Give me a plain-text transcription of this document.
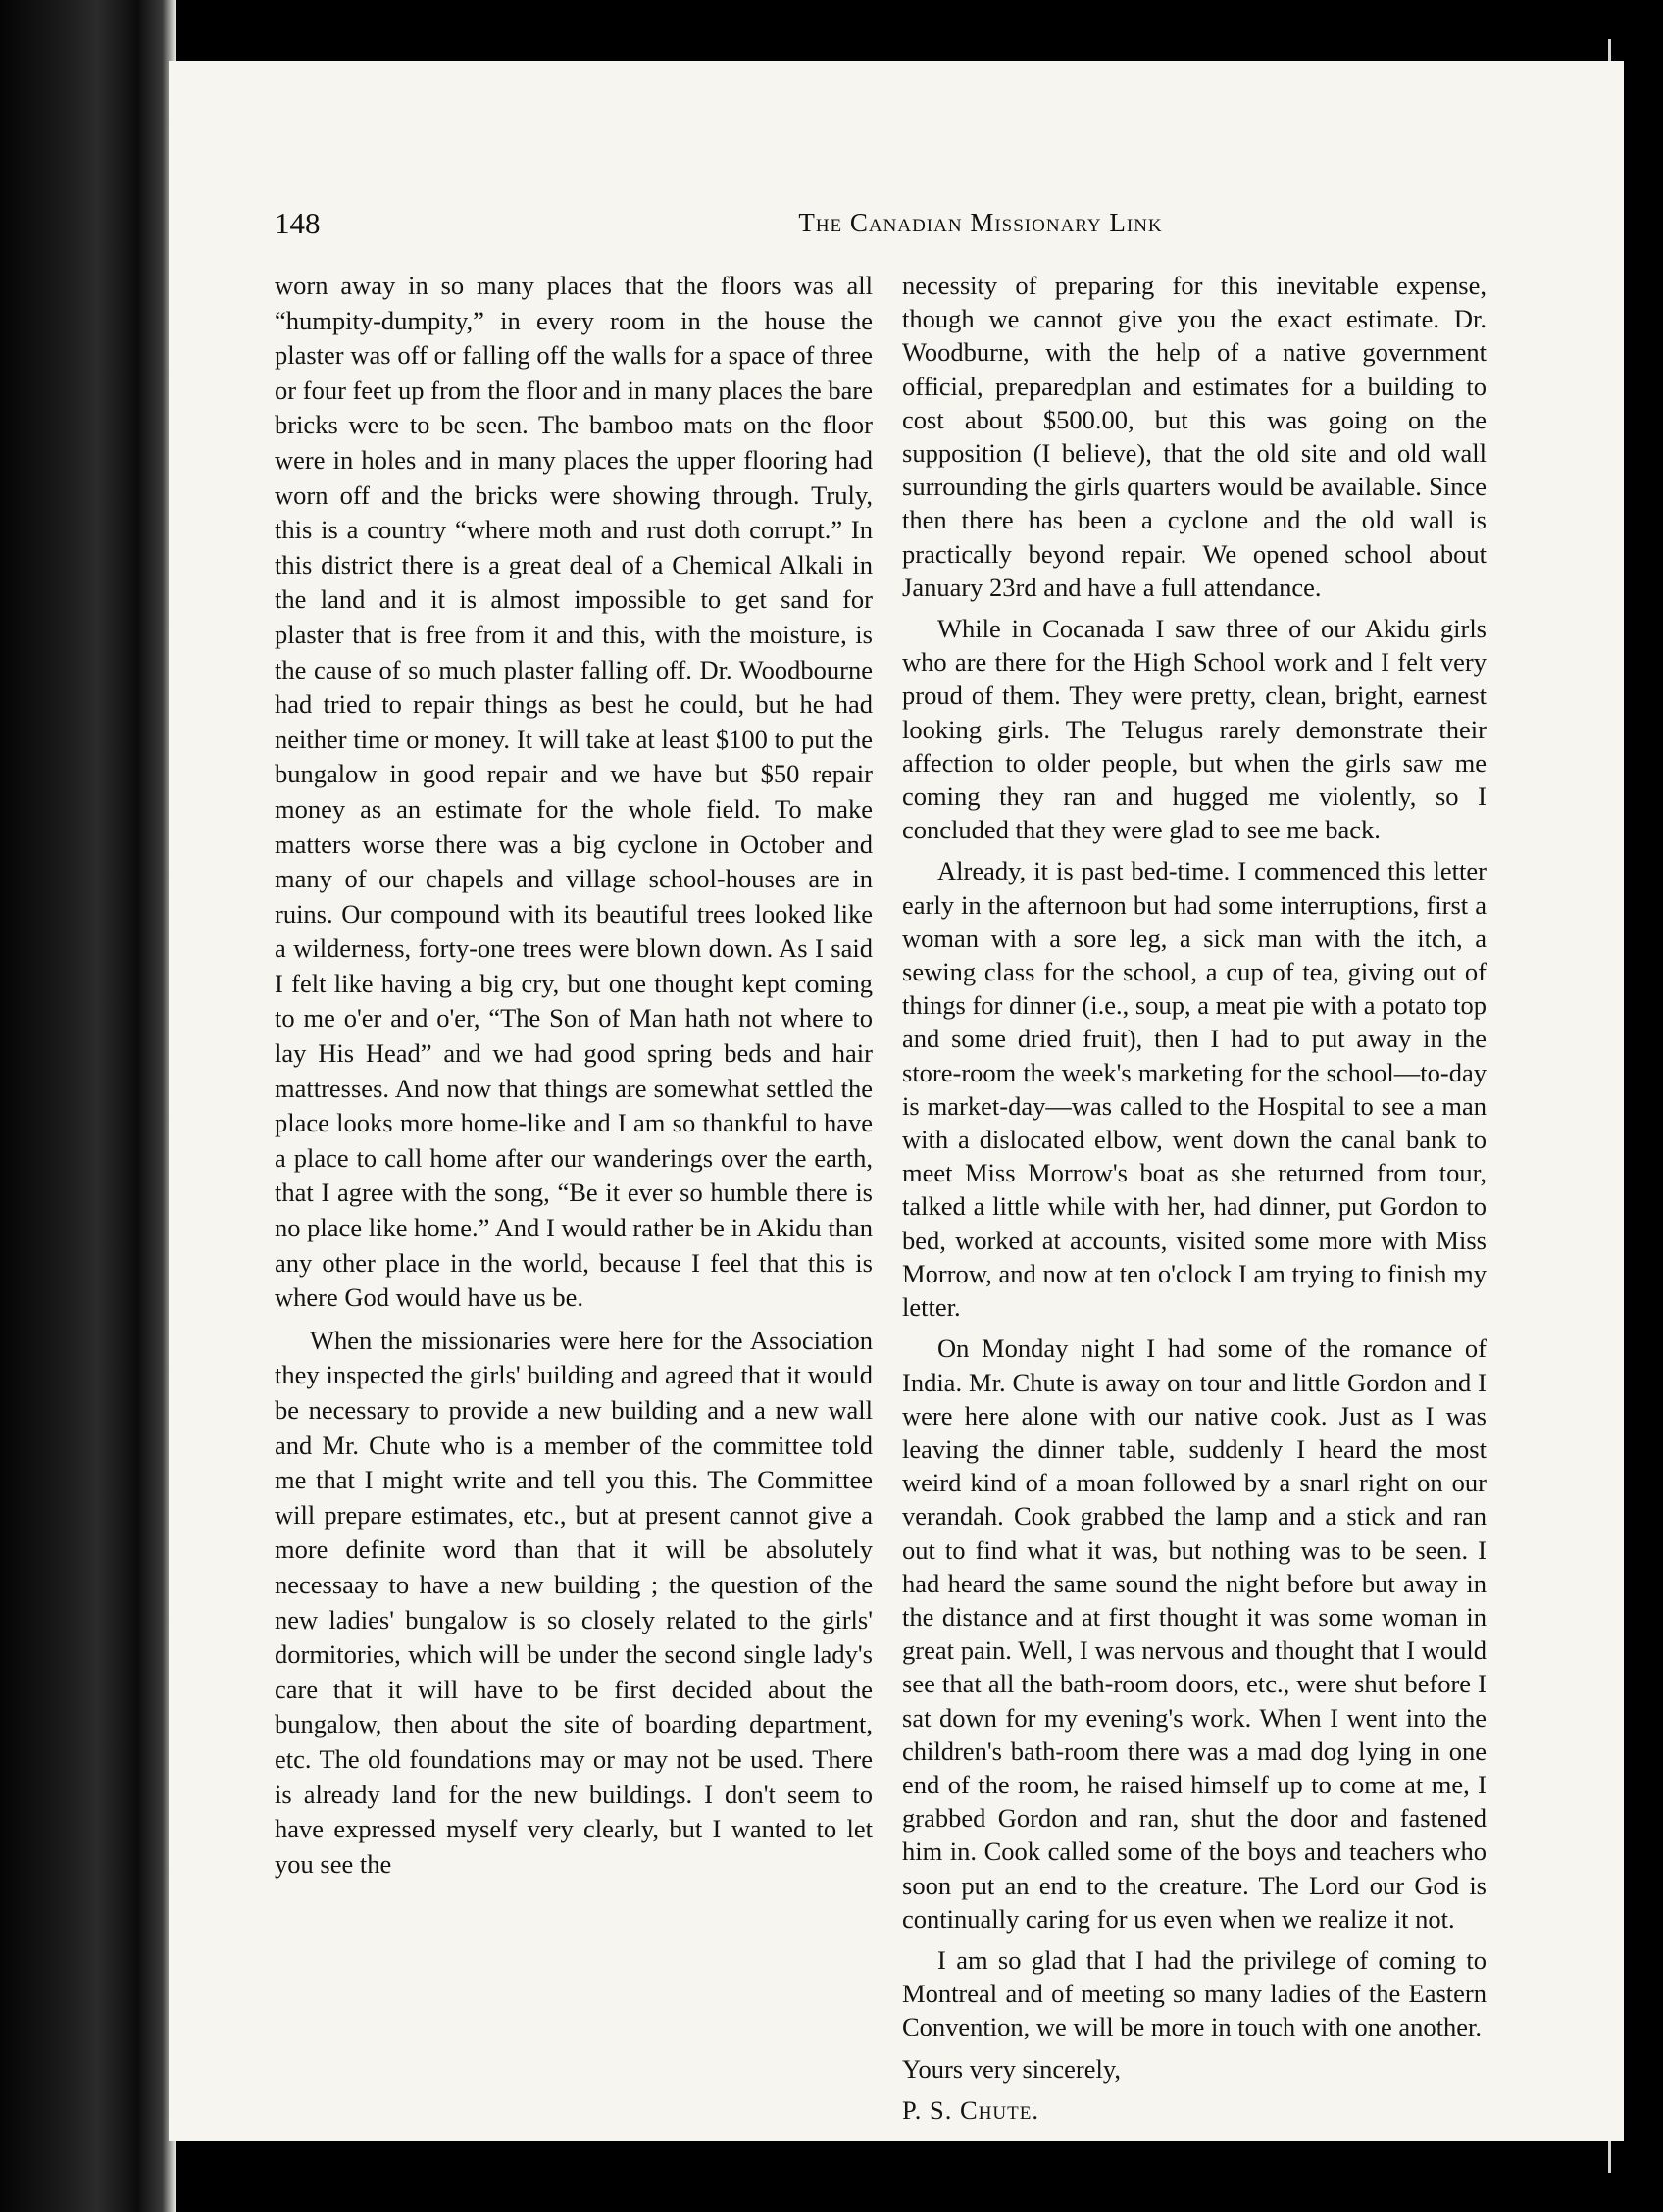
148	The Canadian Missionary Link

worn away in so many places that the floors was all “humpity-dumpity,” in every room in the house the plaster was off or falling off the walls for a space of three or four feet up from the floor and in many places the bare bricks were to be seen. The bamboo mats on the floor were in holes and in many places the upper flooring had worn off and the bricks were showing through. Truly, this is a country “where moth and rust doth corrupt.” In this district there is a great deal of a Chemical Alkali in the land and it is almost impossible to get sand for plaster that is free from it and this, with the moisture, is the cause of so much plaster falling off. Dr. Woodbourne had tried to repair things as best he could, but he had neither time or money. It will take at least $100 to put the bungalow in good repair and we have but $50 repair money as an estimate for the whole field. To make matters worse there was a big cyclone in October and many of our chapels and village school-houses are in ruins. Our compound with its beautiful trees looked like a wilderness, forty-one trees were blown down. As I said I felt like having a big cry, but one thought kept coming to me o'er and o'er, “The Son of Man hath not where to lay His Head” and we had good spring beds and hair mattresses. And now that things are somewhat settled the place looks more home-like and I am so thankful to have a place to call home after our wanderings over the earth, that I agree with the song, “Be it ever so humble there is no place like home.” And I would rather be in Akidu than any other place in the world, because I feel that this is where God would have us be.

When the missionaries were here for the Association they inspected the girls' building and agreed that it would be necessary to provide a new building and a new wall and Mr. Chute who is a member of the committee told me that I might write and tell you this. The Committee will prepare estimates, etc., but at present cannot give a more definite word than that it will be absolutely necessaay to have a new building ; the question of the new ladies' bungalow is so closely related to the girls' dormitories, which will be under the second single lady's care that it will have to be first decided about the bungalow, then about the site of boarding department, etc. The old foundations may or may not be used. There is already land for the new buildings. I don't seem to have expressed myself very clearly, but I wanted to let you see the

necessity of preparing for this inevitable expense, though we cannot give you the exact estimate. Dr. Woodburne, with the help of a native government official, preparedplan and estimates for a building to cost about $500.00, but this was going on the supposition (I believe), that the old site and old wall surrounding the girls quarters would be available. Since then there has been a cyclone and the old wall is practically beyond repair. We opened school about January 23rd and have a full attendance.

While in Cocanada I saw three of our Akidu girls who are there for the High School work and I felt very proud of them. They were pretty, clean, bright, earnest looking girls. The Telugus rarely demonstrate their affection to older people, but when the girls saw me coming they ran and hugged me violently, so I concluded that they were glad to see me back.

Already, it is past bed-time. I commenced this letter early in the afternoon but had some interruptions, first a woman with a sore leg, a sick man with the itch, a sewing class for the school, a cup of tea, giving out of things for dinner (i.e., soup, a meat pie with a potato top and some dried fruit), then I had to put away in the store-room the week's marketing for the school—to-day is market-day—was called to the Hospital to see a man with a dislocated elbow, went down the canal bank to meet Miss Morrow's boat as she returned from tour, talked a little while with her, had dinner, put Gordon to bed, worked at accounts, visited some more with Miss Morrow, and now at ten o'clock I am trying to finish my letter.

On Monday night I had some of the romance of India. Mr. Chute is away on tour and little Gordon and I were here alone with our native cook. Just as I was leaving the dinner table, suddenly I heard the most weird kind of a moan followed by a snarl right on our verandah. Cook grabbed the lamp and a stick and ran out to find what it was, but nothing was to be seen. I had heard the same sound the night before but away in the distance and at first thought it was some woman in great pain. Well, I was nervous and thought that I would see that all the bath-room doors, etc., were shut before I sat down for my evening's work. When I went into the children's bath-room there was a mad dog lying in one end of the room, he raised himself up to come at me, I grabbed Gordon and ran, shut the door and fastened him in. Cook called some of the boys and teachers who soon put an end to the creature. The Lord our God is continually caring for us even when we realize it not.

I am so glad that I had the privilege of coming to Montreal and of meeting so many ladies of the Eastern Convention, we will be more in touch with one another.

Yours very sincerely,

P. S. Chute.
